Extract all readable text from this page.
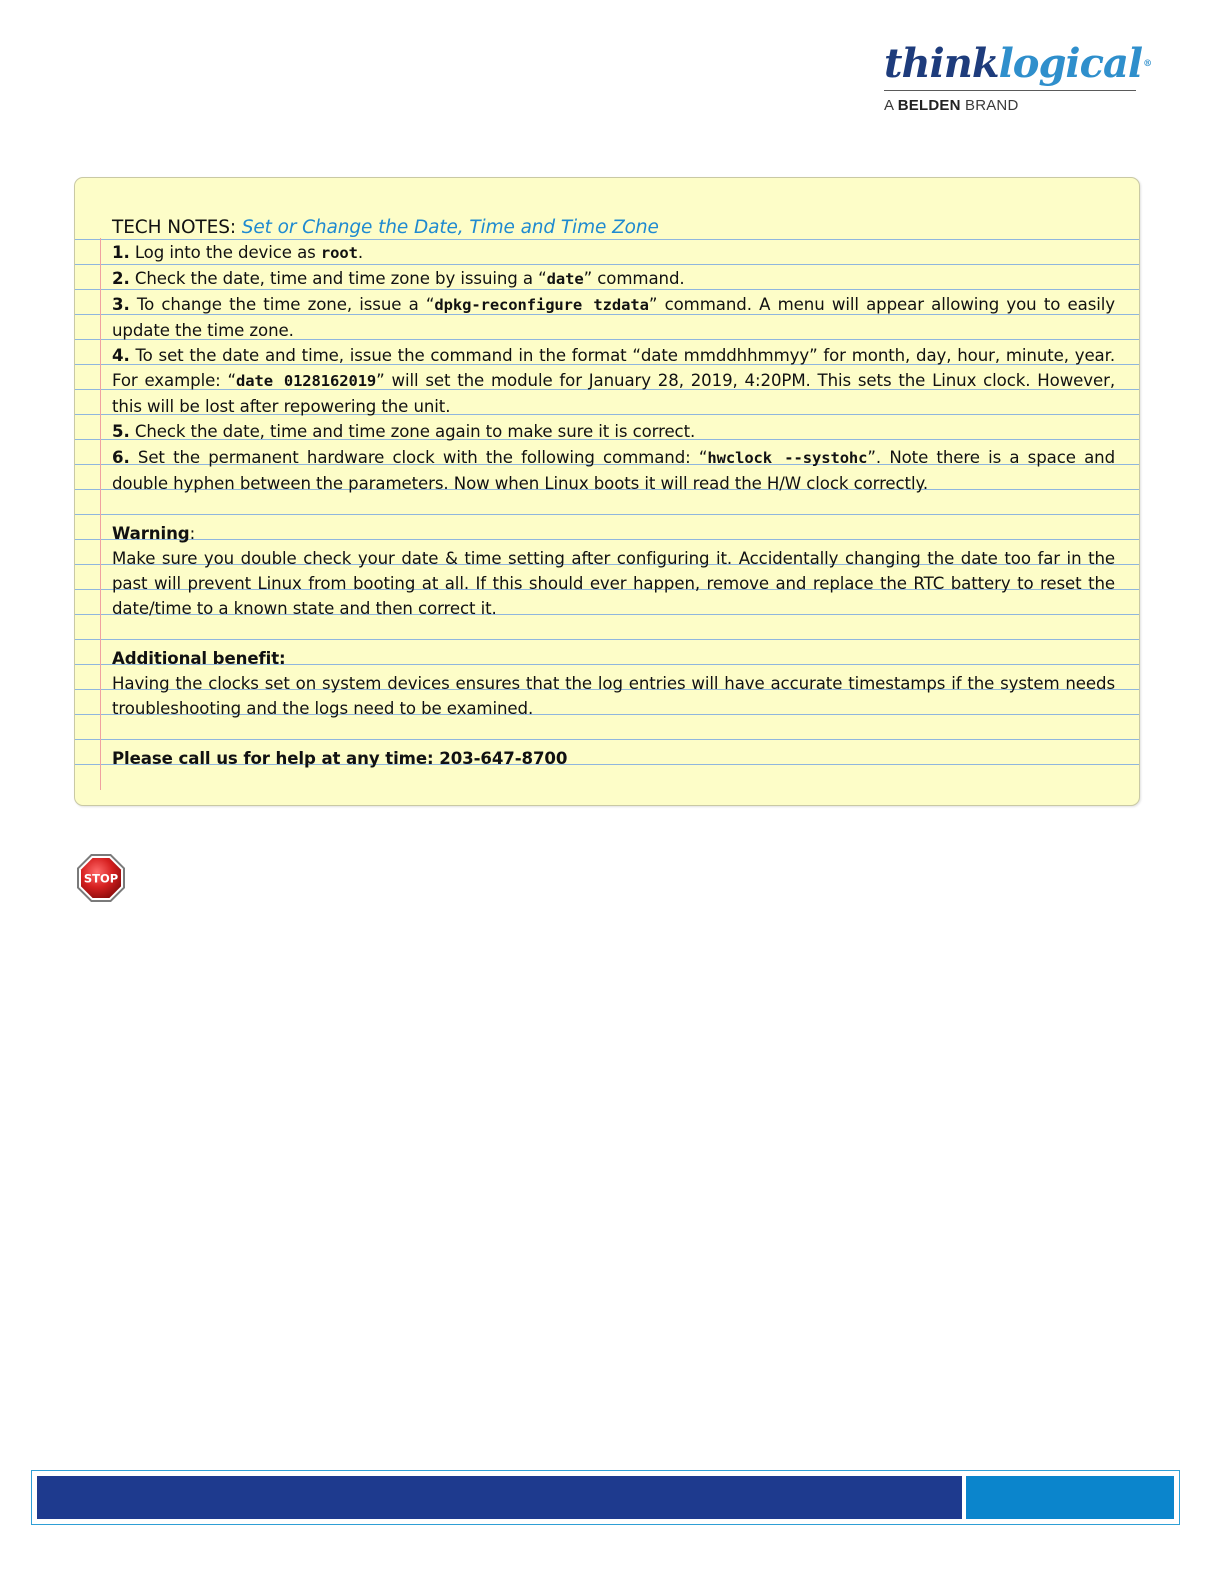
thinklogical®
A BELDEN BRAND

TECH NOTES: Set or Change the Date, Time and Time Zone

1. Log into the device as root.

2. Check the date, time and time zone by issuing a “date” command.

3. To change the time zone, issue a “dpkg-reconfigure tzdata” command. A menu will appear allowing you to easily update the time zone.

4. To set the date and time, issue the command in the format “date mmddhhmmyy” for month, day, hour, minute, year. For example: “date 0128162019” will set the module for January 28, 2019, 4:20PM. This sets the Linux clock. However, this will be lost after repowering the unit.

5. Check the date, time and time zone again to make sure it is correct.

6. Set the permanent hardware clock with the following command: “hwclock --systohc”. Note there is a space and double hyphen between the parameters. Now when Linux boots it will read the H/W clock correctly.

Warning:

Make sure you double check your date & time setting after configuring it. Accidentally changing the date too far in the past will prevent Linux from booting at all. If this should ever happen, remove and replace the RTC battery to reset the date/time to a known state and then correct it.

Additional benefit:

Having the clocks set on system devices ensures that the log entries will have accurate timestamps if the system needs troubleshooting and the logs need to be examined.

Please call us for help at any time: 203-647-8700

STOP
